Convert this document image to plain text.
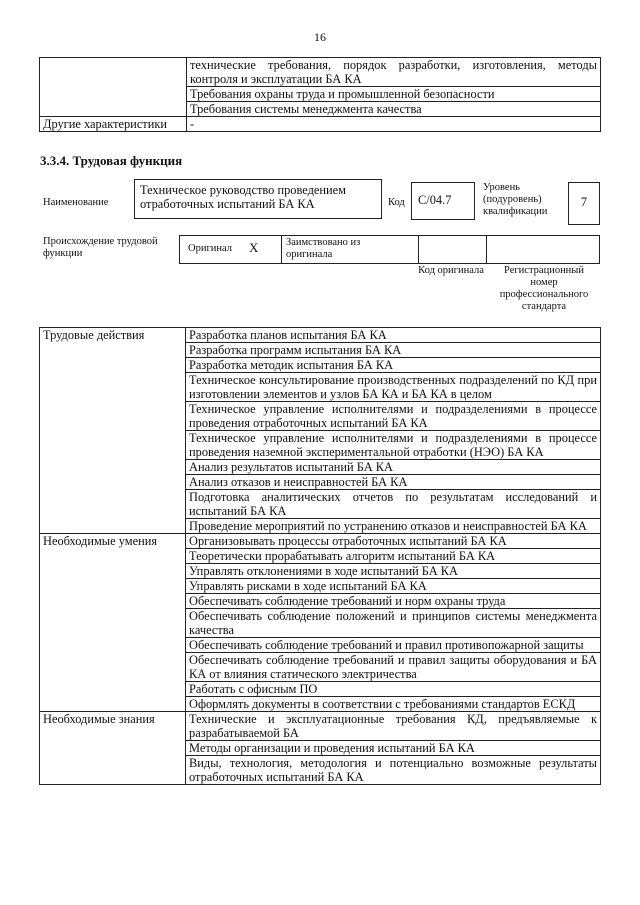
16
	технические требования, порядок разработки, изготовления, методы контроля и эксплуатации БА КА
	Требования охраны труда и промышленной безопасности
	Требования системы менеджмента качества
Другие характеристики	-
3.3.4. Трудовая функция
Наименование
Техническое руководство проведением отработочных испытаний БА КА	Код	С/04.7
Уровень (подуровень) квалификации
7
Происхождение трудовой функции	Оригинал X	Заимствовано из оригинала
Код оригинала	Регистрационный номер профессионального стандарта
Трудовые действия	Разработка планов испытания БА КА
	Разработка программ испытания БА КА
	Разработка методик испытания БА КА
	Техническое консультирование производственных подразделений по КД при изготовлении элементов и узлов БА КА и БА КА в целом
	Техническое управление исполнителями и подразделениями в процессе проведения отработочных испытаний БА КА
	Техническое управление исполнителями и подразделениями в процессе проведения наземной экспериментальной отработки (НЭО) БА КА
	Анализ результатов испытаний БА КА
	Анализ отказов и неисправностей БА КА
	Подготовка аналитических отчетов по результатам исследований и испытаний БА КА
	Проведение мероприятий по устранению отказов и неисправностей БА КА
Необходимые умения	Организовывать процессы отработочных испытаний БА КА
	Теоретически прорабатывать алгоритм испытаний БА КА
	Управлять отклонениями в ходе испытаний БА КА
	Управлять рисками в ходе испытаний БА КА
	Обеспечивать соблюдение требований и норм охраны труда
	Обеспечивать соблюдение положений и принципов системы менеджмента качества
	Обеспечивать соблюдение требований и правил противопожарной защиты
	Обеспечивать соблюдение требований и правил защиты оборудования и БА КА от влияния статического электричества
	Работать с офисным ПО
	Оформлять документы в соответствии с требованиями стандартов ЕСКД
Необходимые знания	Технические и эксплуатационные требования КД, предъявляемые к разрабатываемой БА
	Методы организации и проведения испытаний БА КА
	Виды, технология, методология и потенциально возможные результаты отработочных испытаний БА КА
